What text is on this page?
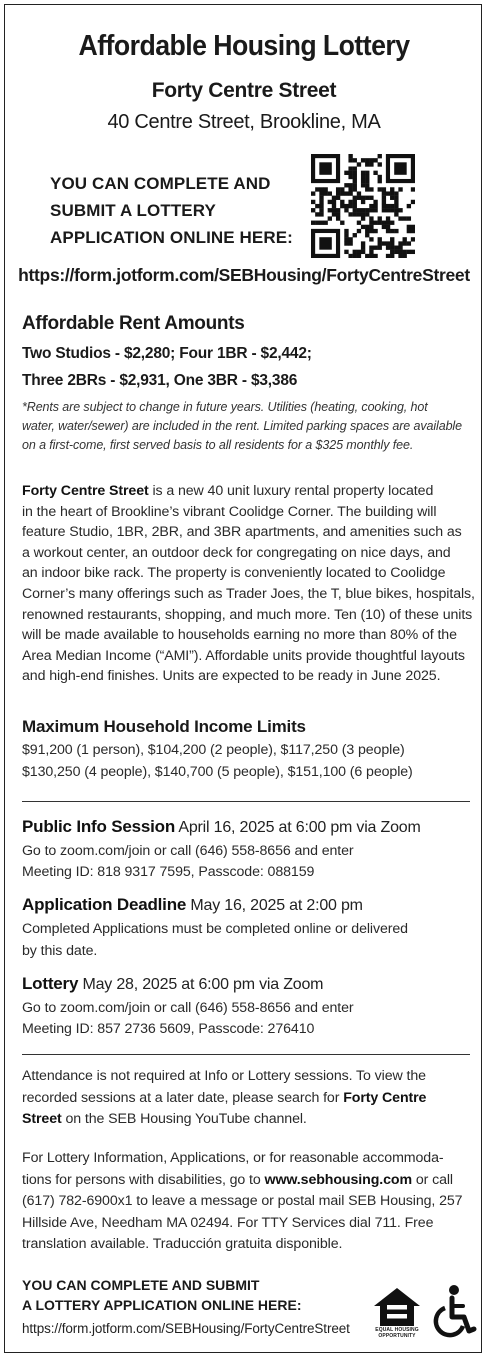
Affordable Housing Lottery
Forty Centre Street
40 Centre Street, Brookline, MA
YOU CAN COMPLETE AND
SUBMIT A LOTTERY
APPLICATION ONLINE HERE:
https://form.jotform.com/SEBHousing/FortyCentreStreet
Affordable Rent Amounts
Two Studios - $2,280; Four 1BR - $2,442;
Three 2BRs - $2,931, One 3BR - $3,386
*Rents are subject to change in future years. Utilities (heating, cooking, hot
water, water/sewer) are included in the rent. Limited parking spaces are available
on a first-come, first served basis to all residents for a $325 monthly fee.
Forty Centre Street is a new 40 unit luxury rental property located
in the heart of Brookline’s vibrant Coolidge Corner. The building will
feature Studio, 1BR, 2BR, and 3BR apartments, and amenities such as
a workout center, an outdoor deck for congregating on nice days, and
an indoor bike rack. The property is conveniently located to Coolidge
Corner’s many offerings such as Trader Joes, the T, blue bikes, hospitals,
renowned restaurants, shopping, and much more. Ten (10) of these units
will be made available to households earning no more than 80% of the
Area Median Income (“AMI”). Affordable units provide thoughtful layouts
and high-end finishes. Units are expected to be ready in June 2025.
Maximum Household Income Limits
$91,200 (1 person), $104,200 (2 people), $117,250 (3 people)
$130,250 (4 people), $140,700 (5 people), $151,100 (6 people)
Public Info Session April 16, 2025 at 6:00 pm via Zoom
Go to zoom.com/join or call (646) 558-8656 and enter
Meeting ID: 818 9317 7595, Passcode: 088159
Application Deadline May 16, 2025 at 2:00 pm
Completed Applications must be completed online or delivered
by this date.
Lottery May 28, 2025 at 6:00 pm via Zoom
Go to zoom.com/join or call (646) 558-8656 and enter
Meeting ID: 857 2736 5609, Passcode: 276410
Attendance is not required at Info or Lottery sessions. To view the
recorded sessions at a later date, please search for Forty Centre
Street on the SEB Housing YouTube channel.
For Lottery Information, Applications, or for reasonable accommoda-
tions for persons with disabilities, go to www.sebhousing.com or call
(617) 782-6900x1 to leave a message or postal mail SEB Housing, 257
Hillside Ave, Needham MA 02494. For TTY Services dial 711. Free
translation available. Traducción gratuita disponible.
YOU CAN COMPLETE AND SUBMIT
A LOTTERY APPLICATION ONLINE HERE:
https://form.jotform.com/SEBHousing/FortyCentreStreet	EQUAL HOUSING
OPPORTUNITY
